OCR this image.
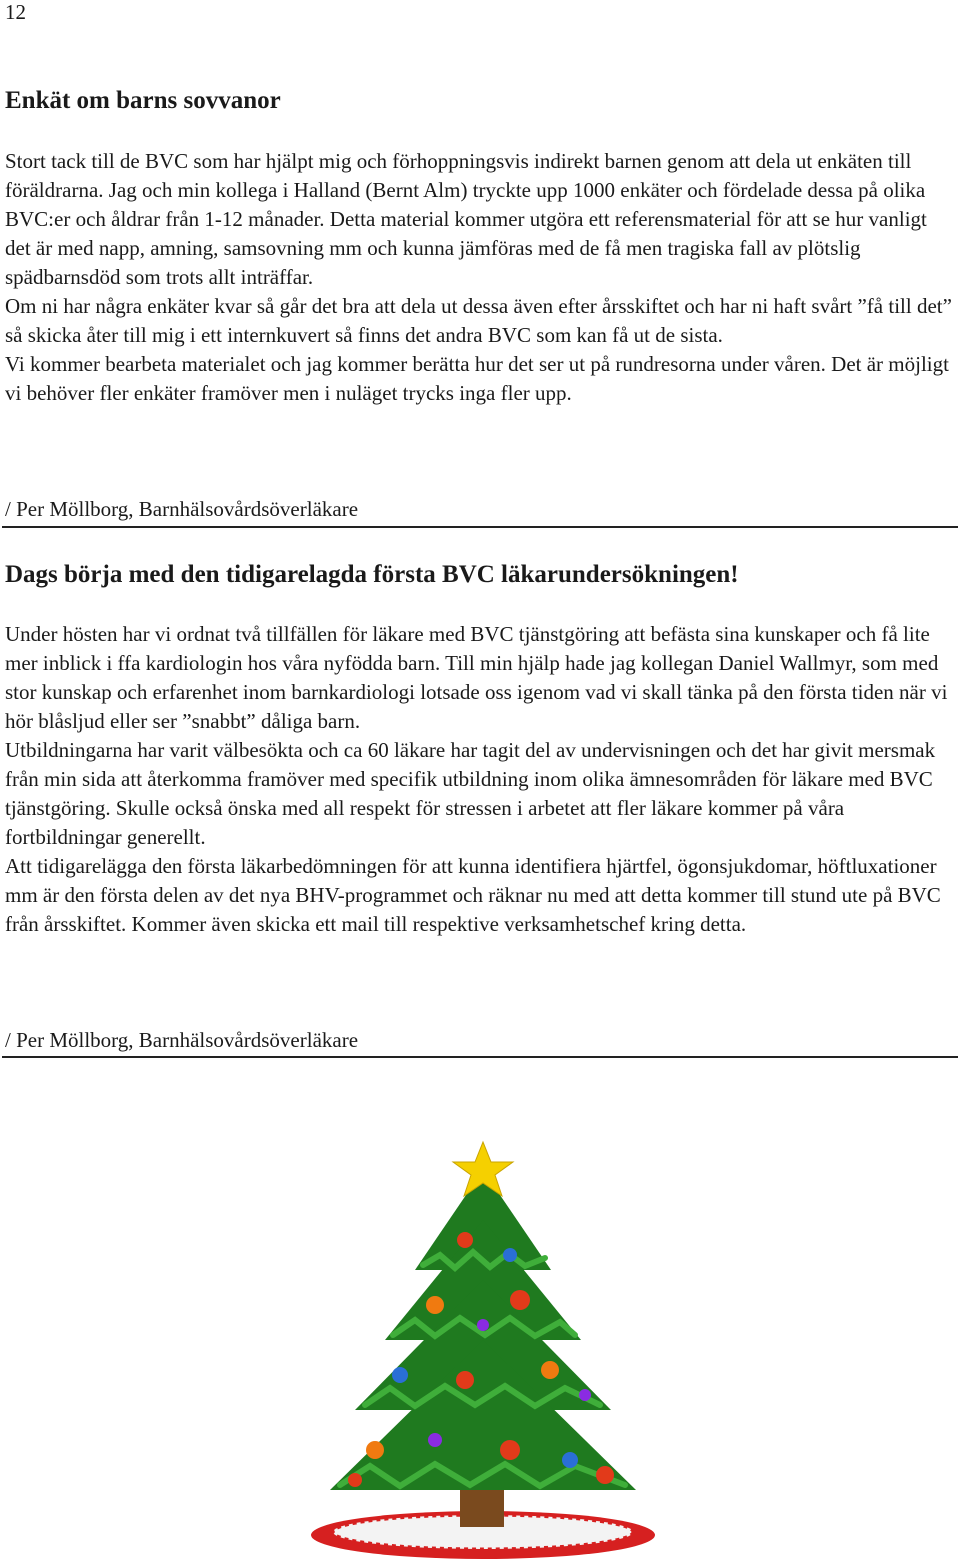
12
Enkät om barns sovvanor

Stort tack till de BVC som har hjälpt mig och förhoppningsvis indirekt barnen genom att dela ut enkäten till föräldrarna. Jag och min kollega i Halland (Bernt Alm) tryckte upp 1000 enkäter och fördelade dessa på olika BVC:er och åldrar från 1-12 månader. Detta material kommer utgöra ett referensmaterial för att se hur vanligt det är med napp, amning, samsovning mm och kunna jämföras med de få men tragiska fall av plötslig spädbarnsdöd som trots allt inträffar.

Om ni har några enkäter kvar så går det bra att dela ut dessa även efter årsskiftet och har ni haft svårt ”få till det” så skicka åter till mig i ett internkuvert så finns det andra BVC som kan få ut de sista.

Vi kommer bearbeta materialet och jag kommer berätta hur det ser ut på rundresorna under våren. Det är möjligt vi behöver fler enkäter framöver men i nuläget trycks inga fler upp.

/ Per Möllborg, Barnhälsovårdsöverläkare
Dags börja med den tidigarelagda första BVC läkarundersökningen!

Under hösten har vi ordnat två tillfällen för läkare med BVC tjänstgöring att befästa sina kunskaper och få lite mer inblick i ffa kardiologin hos våra nyfödda barn. Till min hjälp hade jag kollegan Daniel Wallmyr, som med stor kunskap och erfarenhet inom barnkardiologi lotsade oss igenom vad vi skall tänka på den första tiden när vi hör blåsljud eller ser ”snabbt” dåliga barn.

Utbildningarna har varit välbesökta och ca 60 läkare har tagit del av undervisningen och det har givit mersmak från min sida att återkomma framöver med specifik utbildning inom olika ämnesområden för läkare med BVC tjänstgöring. Skulle också önska med all respekt för stressen i arbetet att fler läkare kommer på våra fortbildningar generellt.

Att tidigarelägga den första läkarbedömningen för att kunna identifiera hjärtfel, ögonsjukdomar, höftluxationer mm är den första delen av det nya BHV-programmet och räknar nu med att detta kommer till stund ute på BVC från årsskiftet. Kommer även skicka ett mail till respektive verksamhetschef kring detta.

/ Per Möllborg, Barnhälsovårdsöverläkare
